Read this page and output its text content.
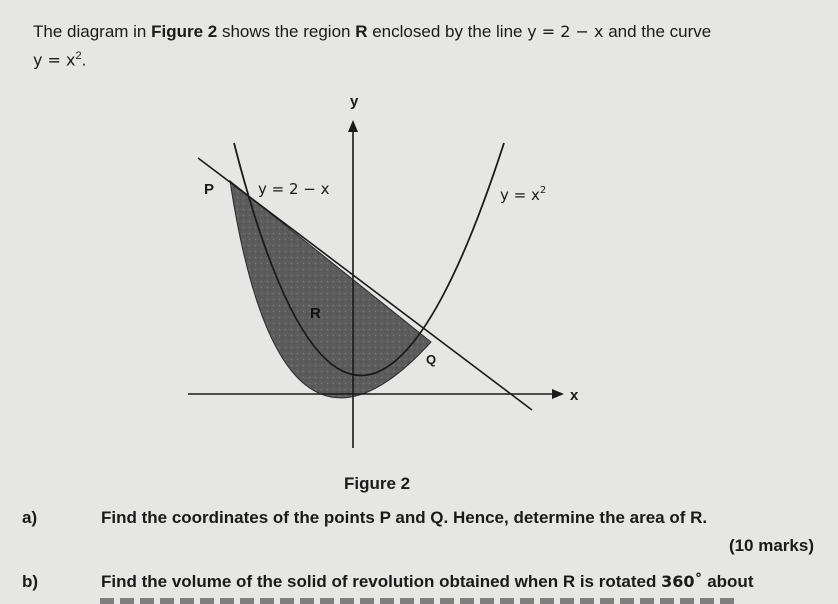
The diagram in Figure 2 shows the region R enclosed by the line y = 2 − x and the curve
$y = x^2$.
y
x
P
Q
R
y = 2 − x	$y = x^2$
Figure 2
a)	Find the coordinates of the points P and Q. Hence, determine the area of R.
(10 marks)
b)	Find the volume of the solid of revolution obtained when R is rotated 360˚ about
